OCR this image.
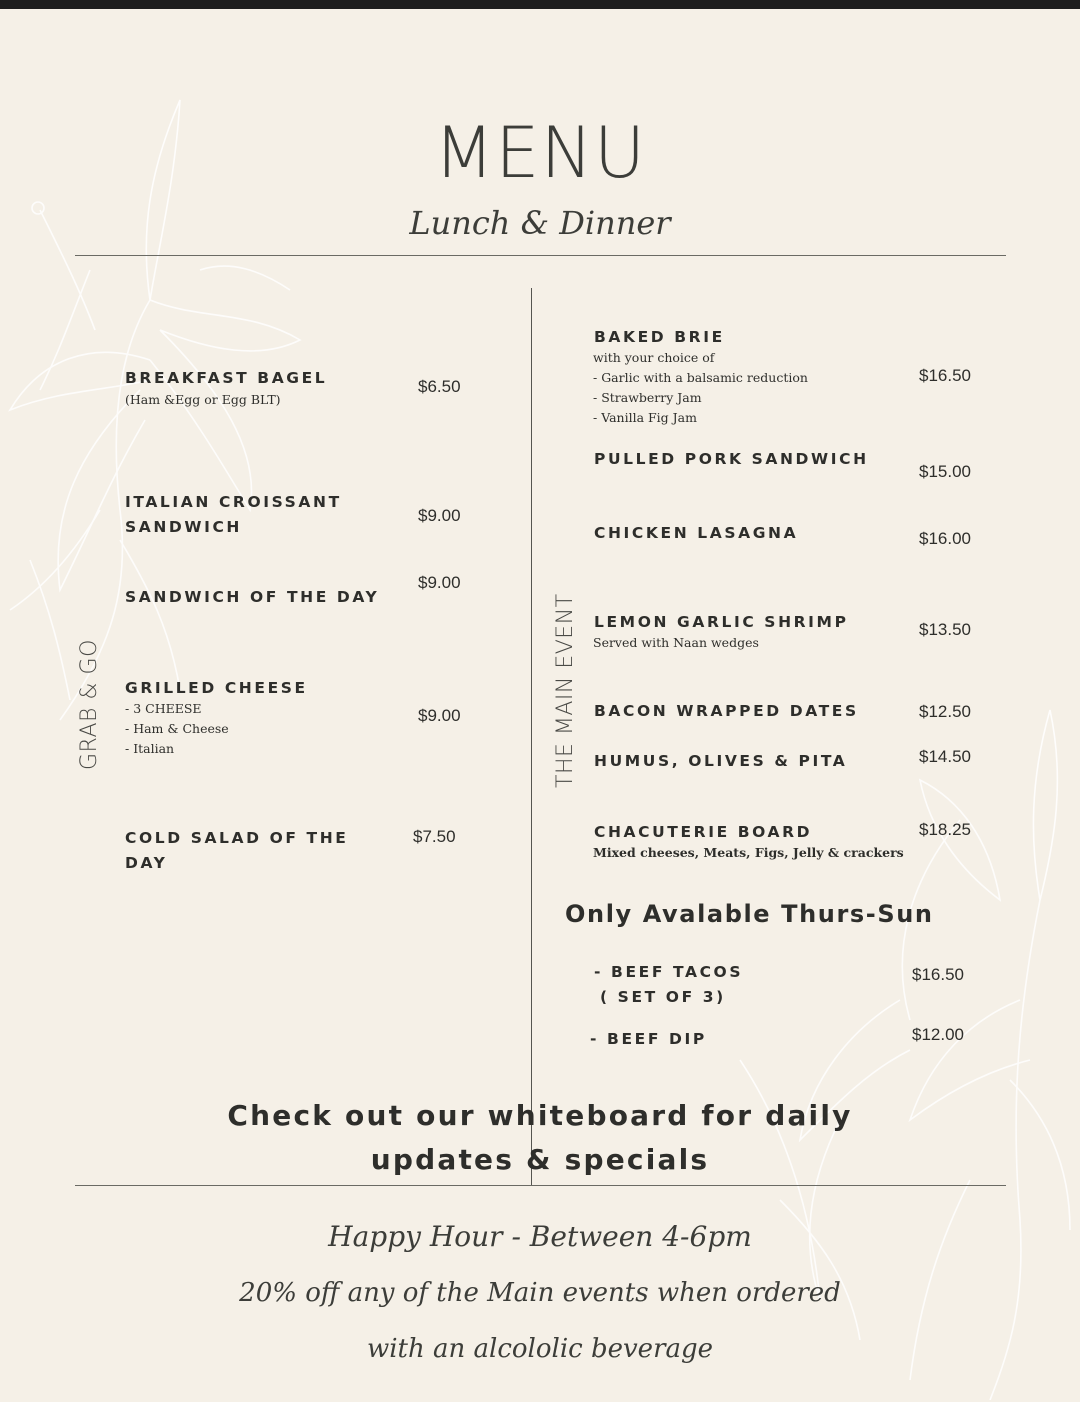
MENU
Lunch & Dinner
GRAB & GO	THE MAIN EVENT
BREAKFAST BAGEL
(Ham &Egg or Egg BLT)
$6.50
ITALIAN CROISSANT
SANDWICH
$9.00
SANDWICH OF THE DAY
$9.00
GRILLED CHEESE
- 3 CHEESE
- Ham & Cheese
- Italian
$9.00
COLD SALAD OF THE
DAY
$7.50
BAKED BRIE
with your choice of
- Garlic with a balsamic reduction
- Strawberry Jam
- Vanilla Fig Jam
$16.50
PULLED PORK SANDWICH
$15.00
CHICKEN LASAGNA	$16.00
LEMON GARLIC SHRIMP
Served with Naan wedges
$13.50
BACON WRAPPED DATES	$12.50
HUMUS, OLIVES & PITA	$14.50
CHACUTERIE BOARD
Mixed cheeses, Meats, Figs, Jelly & crackers
$18.25
Only Avalable Thurs-Sun
- BEEF TACOS
( SET OF 3)
$16.50
- BEEF DIP	$12.00
Check out our whiteboard for daily
updates & specials
Happy Hour - Between 4-6pm
20% off any of the Main events when ordered
with an alcololic beverage
